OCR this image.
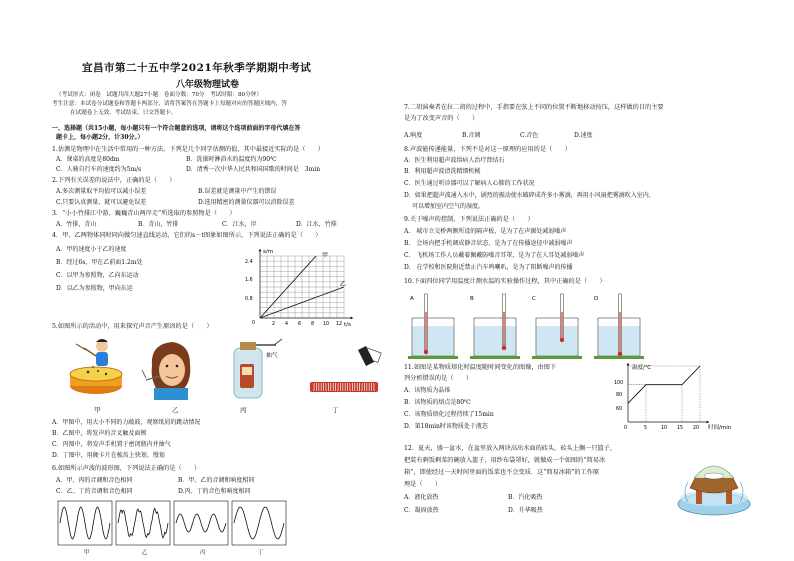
宜昌市第二十五中学2021年秋季学期期中考试
八年级物理试卷
（考试形式：闭卷　试题共四大题27小题　卷面分数：70分　考试时限：80分钟）
考生注意：本试卷分试题卷和答题卡两部分，请将答案答在答题卡上每题对应的答题区域内，答
在试题卷上无效。考试结束，只交答题卡。
一、选择题（共15小题，每小题只有一个符合题意的选项，请将这个选项前面的字母代填在答
题卡上，每小题2分，计30分。）
1.估测是物理中在生活中常用的一种方法。下列是几个同学估测的值，其中最接近实际的是（　　）
A．课桌的高度是80dm	B．洗澡时淋浴水的温度约为90℃
C．人骑自行车的速度约为5m/s	D．清秀一次中华人民共和国国歌的时间是　3min
2.下列有关误差的说法中，正确的是（　　）
A.多次测量取平均值可以减小误差	B.误差就是测量中产生的错误
C.只要认真测量，就可以避免误差	D.选用精密的测量仪器可以消除误差
3．“小小竹排江中游，巍巍青山两岸走”所选取的参照物是（　　）
A．竹排，青山	B．青山，竹排	C．江水，岸	D．江水，竹排
4．甲、乙两物体同时同向做匀速直线运动，它们的s－t图象如图所示，下列说法正确的是（　　）
A．甲的速度小于乙的速度
B．经过6s，甲在乙前面1.2m处
C．以甲为参照物，乙向东运动
D．以乙为参照物，甲向东运
s/m
t/s
甲
乙
2.4
1.6
0.8
0	2 4 6 8 10 12
5.如图所示的活动中，用来探究声音产生原因的是（　　）
抽气
甲	乙	丙	丁
A．甲图中，用大小不同的力敲鼓，观察纸屑的跳动情况
B．乙图中，将发声的音叉触及面颊
C．丙图中，将发声手机置于密闭瓶内并抽气
D．丁图中，用硬卡片在梳齿上快划、慢划
6.如图所示声波的波形图，下列说法正确的是（　　）
A．甲、丙的音调和音色相同	B．甲、乙的音调和响度相同
C．乙、丁的音调和音色相同	D.丙、丁的音色和响度相同
甲	乙	丙	丁
7.二胡演奏者在拉二胡的过程中，手指要在弦上不同的位置不断地移动按压，这样做的目的主要
是为了改变声音的（　　）
A.响度	B.音调	C.音色	D.速度
8.声波能传递能量，下列不是对这一原理的应用的是（　　）
A．医生利用超声波给病人治疗肾结石
B．利用超声波清洗精细机械
C．医生通过听诊器可以了解病人心肺的工作状况
D．如果把超声波通入水中，剧烈的振动使水破碎成许多小雾滴，再用小风扇把雾滴吹入室内，
可以增加室内空气的湿度。
9.关于噪声的控制，下列说法正确的是（　　）
A.　城市立交桥两侧所设的隔声板，是为了在声源处减弱噪声
B.　会场内把手机调成静音状态，是为了在传播途径中减弱噪声
C.　飞机场工作人员戴着佩戴防噪音耳罩，是为了在人耳处减弱噪声
D.　在学校和医院附近禁止汽车鸣喇叭，是为了阻断噪声的传播
10.下面四位同学用温度计测水温的实验操作过程，其中正确的是（　　）
A	B	C	D
11.如图是某物质熔化时温度随时间变化的图像，由图下
列分析错误的是（　　）
A．该物质为晶体
B．该物质的熔点是80℃
C．该物质熔化过程持续了15min
D．第18min时该物质处于液态
温度/℃
时间/min
100
80
60
0	5	10 15 20
12．夏天，盛一盆水，在盆里放入两块高出水面的砖头，砖头上搁一只篮子，
把装有剩饭剩菜的碗放入篮子，用纱布袋罩好，就做成一个如图的“简易冰
箱”，即使经过一天时间里面的饭菜也不会变质．这“简易冰箱”的工作原
理是（　　）
A．液化放热	B．汽化吸热
C．凝固放热	D．升华吸热
